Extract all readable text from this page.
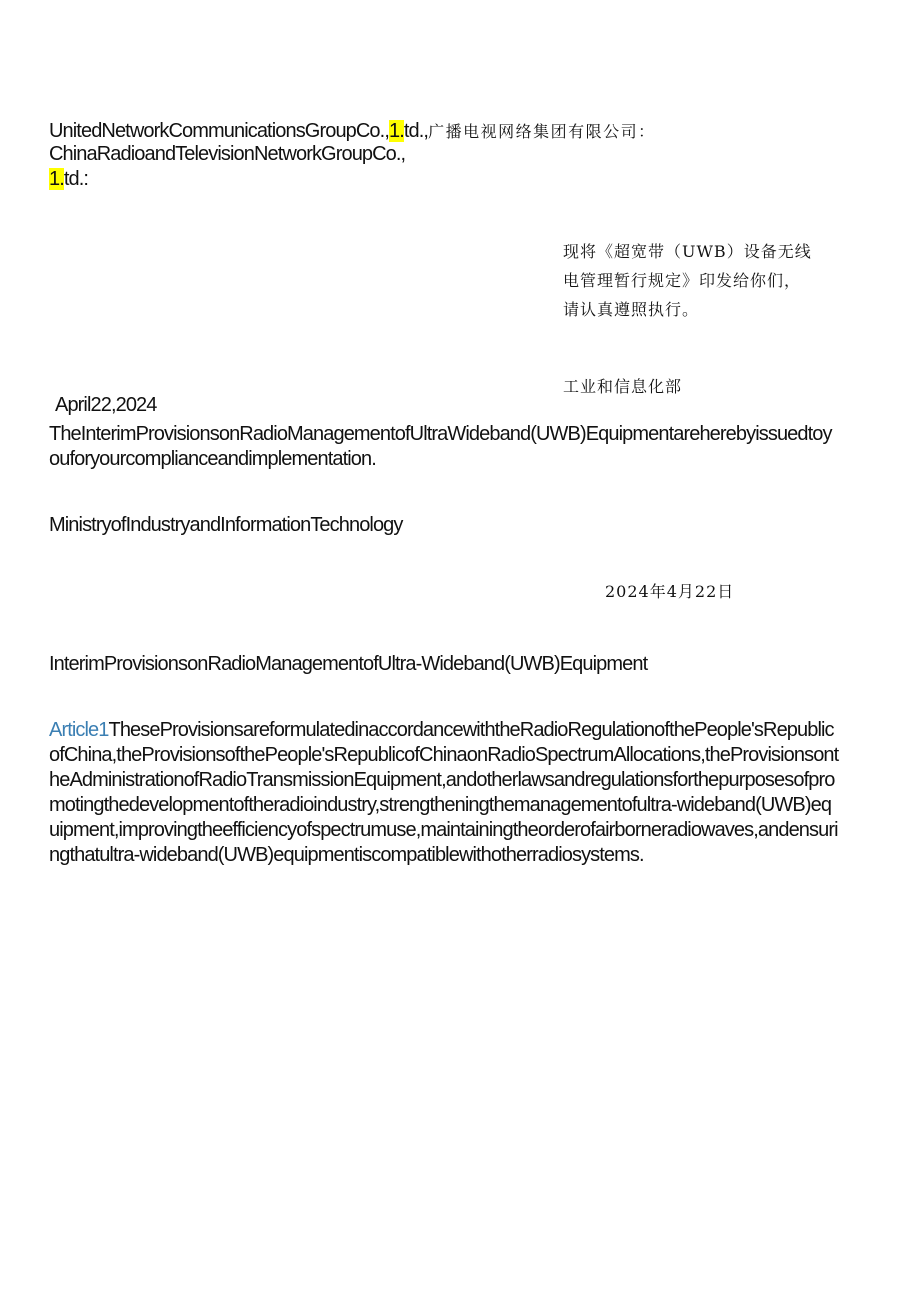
UnitedNetworkCommunicationsGroupCo.,1.td.,广播电视网络集团有限公司：
ChinaRadioandTelevisionNetworkGroupCo.,
1.td.:
现将《超宽带（UWB）设备无线
电管理暂行规定》印发给你们，
请认真遵照执行。
工业和信息化部
April22,2024
TheInterimProvisionsonRadioManagementofUltraWideband(UWB)Equipmentareherebyissuedtoyouforyourcomplianceandimplementation.
MinistryofIndustryandInformationTechnology
2024年4月22日
InterimProvisionsonRadioManagementofUltra-Wideband(UWB)Equipment
Article1TheseProvisionsareformulatedinaccordancewiththeRadioRegulationofthePeople'sRepublicofChina,theProvisionsofthePeople'sRepublicofChinaonRadioSpectrumAllocations,theProvisionsontheAdministrationofRadioTransmissionEquipment,andotherlawsandregulationsforthepurposesofpromotingthedevelopmentoftheradioindustry,strengtheningthemanagementofultra-wideband(UWB)equipment,improvingtheefficiencyofspectrumuse,maintainingtheorderofairborneradiowaves,andensuringthatultra-wideband(UWB)equipmentiscompatiblewithotherradiosystems.
